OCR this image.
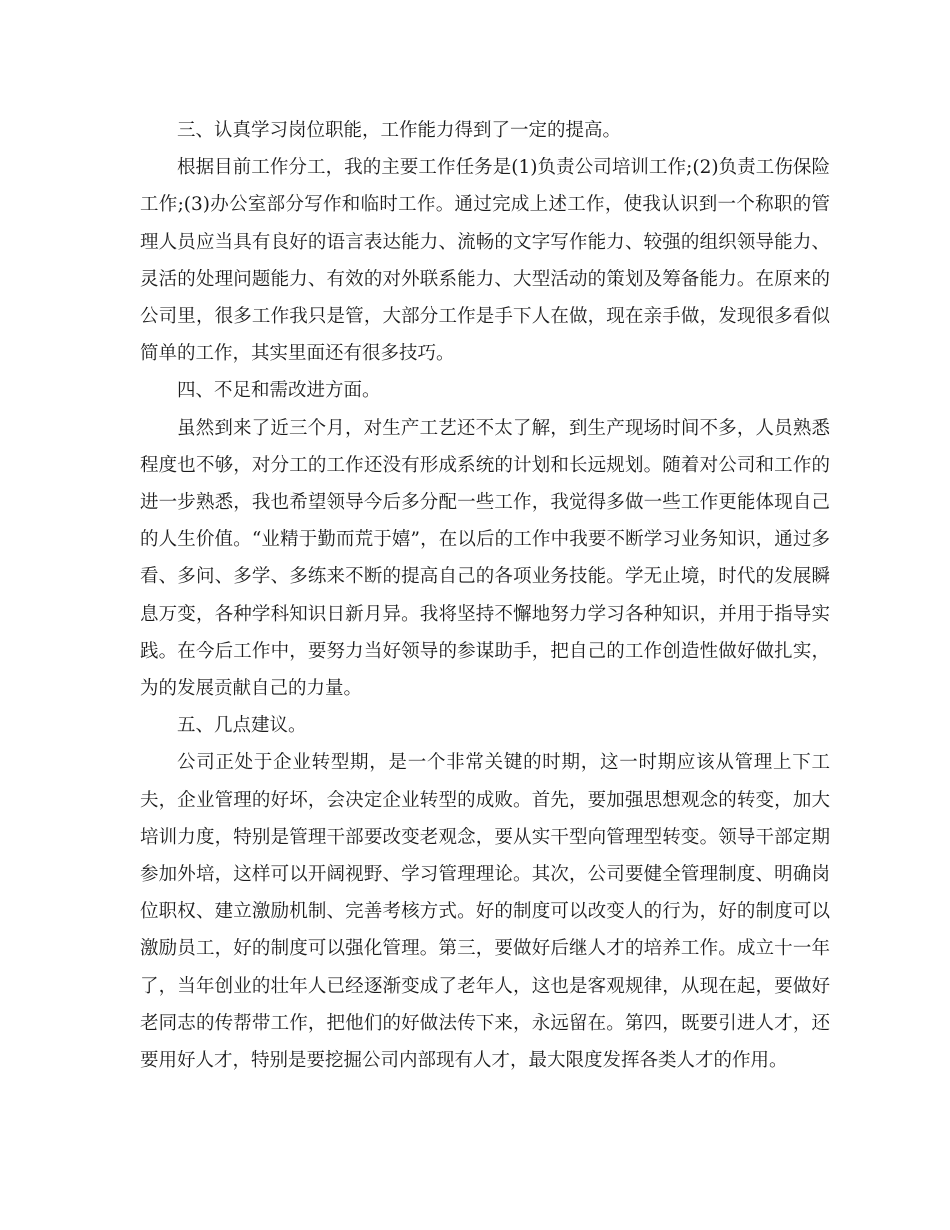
三、认真学习岗位职能，工作能力得到了一定的提高。

根据目前工作分工，我的主要工作任务是(1)负责公司培训工作;(2)负责工伤保险工作;(3)办公室部分写作和临时工作。通过完成上述工作，使我认识到一个称职的管理人员应当具有良好的语言表达能力、流畅的文字写作能力、较强的组织领导能力、灵活的处理问题能力、有效的对外联系能力、大型活动的策划及筹备能力。在原来的公司里，很多工作我只是管，大部分工作是手下人在做，现在亲手做，发现很多看似简单的工作，其实里面还有很多技巧。

四、不足和需改进方面。

虽然到来了近三个月，对生产工艺还不太了解，到生产现场时间不多，人员熟悉程度也不够，对分工的工作还没有形成系统的计划和长远规划。随着对公司和工作的进一步熟悉，我也希望领导今后多分配一些工作，我觉得多做一些工作更能体现自己的人生价值。“业精于勤而荒于嬉”，在以后的工作中我要不断学习业务知识，通过多看、多问、多学、多练来不断的提高自己的各项业务技能。学无止境，时代的发展瞬息万变，各种学科知识日新月异。我将坚持不懈地努力学习各种知识，并用于指导实践。在今后工作中，要努力当好领导的参谋助手，把自己的工作创造性做好做扎实，为的发展贡献自己的力量。

五、几点建议。

公司正处于企业转型期，是一个非常关键的时期，这一时期应该从管理上下工夫，企业管理的好坏，会决定企业转型的成败。首先，要加强思想观念的转变，加大培训力度，特别是管理干部要改变老观念，要从实干型向管理型转变。领导干部定期参加外培，这样可以开阔视野、学习管理理论。其次，公司要健全管理制度、明确岗位职权、建立激励机制、完善考核方式。好的制度可以改变人的行为，好的制度可以激励员工，好的制度可以强化管理。第三，要做好后继人才的培养工作。成立十一年了，当年创业的壮年人已经逐渐变成了老年人，这也是客观规律，从现在起，要做好老同志的传帮带工作，把他们的好做法传下来，永远留在。第四，既要引进人才，还要用好人才，特别是要挖掘公司内部现有人才，最大限度发挥各类人才的作用。
